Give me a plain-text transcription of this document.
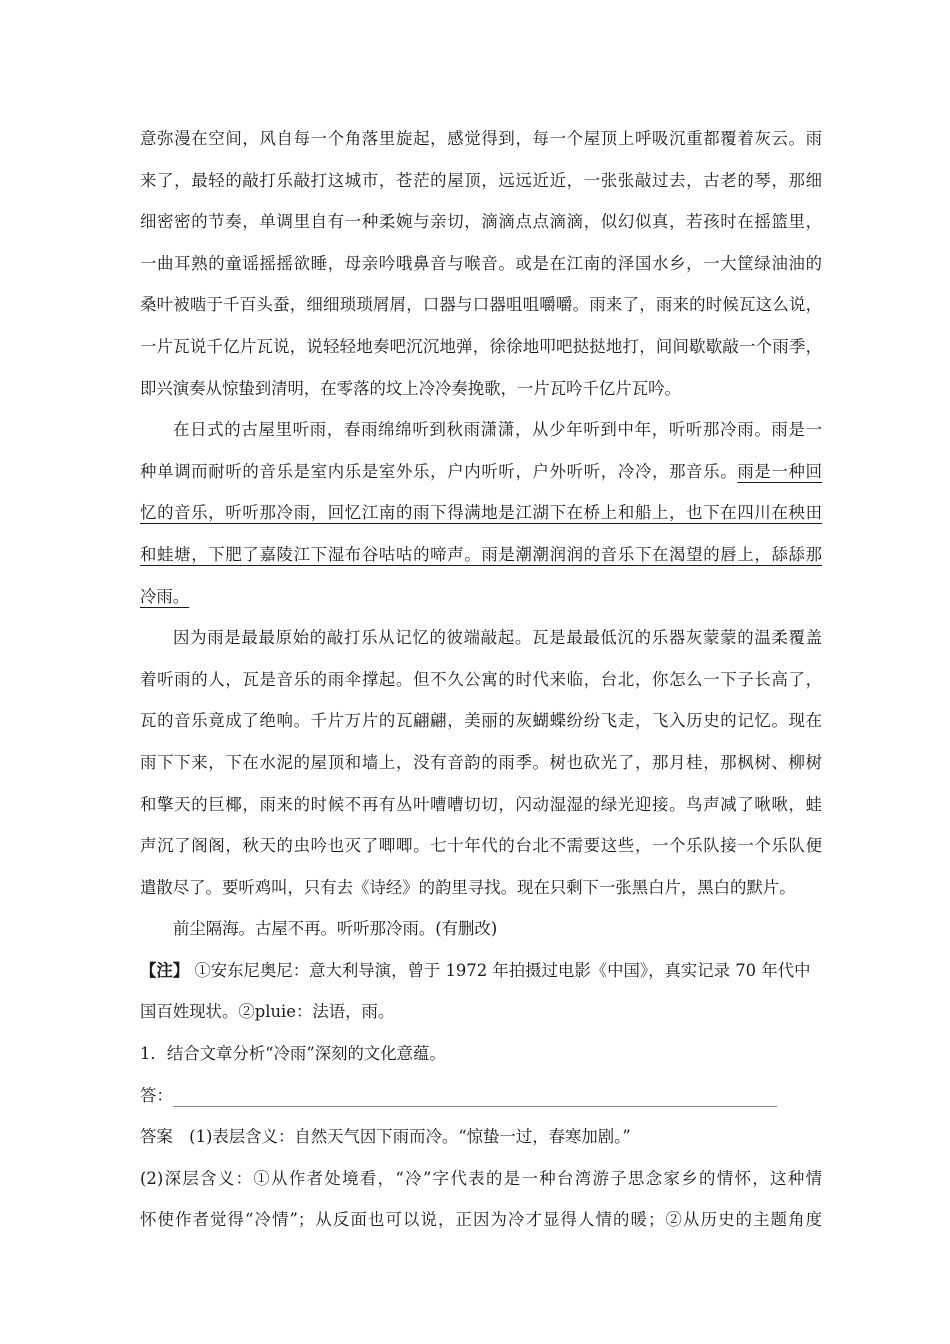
意弥漫在空间，风自每一个角落里旋起，感觉得到，每一个屋顶上呼吸沉重都覆着灰云。雨
来了，最轻的敲打乐敲打这城市，苍茫的屋顶，远远近近，一张张敲过去，古老的琴，那细
细密密的节奏，单调里自有一种柔婉与亲切，滴滴点点滴滴，似幻似真，若孩时在摇篮里，
一曲耳熟的童谣摇摇欲睡，母亲吟哦鼻音与喉音。或是在江南的泽国水乡，一大筐绿油油的
桑叶被啮于千百头蚕，细细琐琐屑屑，口器与口器咀咀嚼嚼。雨来了，雨来的时候瓦这么说，
一片瓦说千亿片瓦说，说轻轻地奏吧沉沉地弹，徐徐地叩吧挞挞地打，间间歇歇敲一个雨季，
即兴演奏从惊蛰到清明，在零落的坟上冷冷奏挽歌，一片瓦吟千亿片瓦吟。
在日式的古屋里听雨，春雨绵绵听到秋雨潇潇，从少年听到中年，听听那冷雨。雨是一
种单调而耐听的音乐是室内乐是室外乐，户内听听，户外听听，冷冷，那音乐。雨是一种回
忆的音乐，听听那冷雨，回忆江南的雨下得满地是江湖下在桥上和船上，也下在四川在秧田
和蛙塘，下肥了嘉陵江下湿布谷咕咕的啼声。雨是潮潮润润的音乐下在渴望的唇上，舔舔那
冷雨。
因为雨是最最原始的敲打乐从记忆的彼端敲起。瓦是最最低沉的乐器灰蒙蒙的温柔覆盖
着听雨的人，瓦是音乐的雨伞撑起。但不久公寓的时代来临，台北，你怎么一下子长高了，
瓦的音乐竟成了绝响。千片万片的瓦翩翩，美丽的灰蝴蝶纷纷飞走，飞入历史的记忆。现在
雨下下来，下在水泥的屋顶和墙上，没有音韵的雨季。树也砍光了，那月桂，那枫树、柳树
和擎天的巨椰，雨来的时候不再有丛叶嘈嘈切切，闪动湿湿的绿光迎接。鸟声减了啾啾，蛙
声沉了阁阁，秋天的虫吟也灭了唧唧。七十年代的台北不需要这些，一个乐队接一个乐队便
遣散尽了。要听鸡叫，只有去《诗经》的韵里寻找。现在只剩下一张黑白片，黑白的默片。
前尘隔海。古屋不再。听听那冷雨。(有删改)
【注】 ①安东尼奥尼：意大利导演，曾于 1972 年拍摄过电影《中国》，真实记录 70 年代中
国百姓现状。②pluie：法语，雨。
1．结合文章分析“冷雨”深刻的文化意蕴。
答：
答案　(1)表层含义：自然天气因下雨而冷。“惊蛰一过，春寒加剧。”
(2)深层含义：①从作者处境看，“冷”字代表的是一种台湾游子思念家乡的情怀，这种情
怀使作者觉得“冷情”；从反面也可以说，正因为冷才显得人情的暖；②从历史的主题角度
